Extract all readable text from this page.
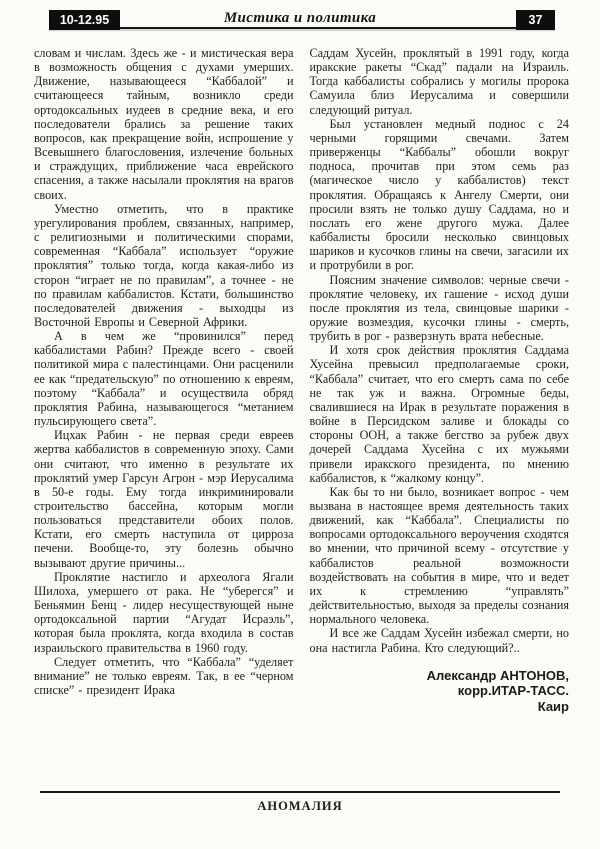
10-12.95	Мистика и политика	37

словам и числам. Здесь же - и мистическая вера в возможность общения с духами умерших. Движение, называющееся “Каббалой” и считающееся тайным, возникло среди ортодоксальных иудеев в средние века, и его последователи брались за решение таких вопросов, как прекращение войн, испрошение у Всевышнего благословения, излечение больных и страждущих, приближение часа еврейского спасения, а также насылали проклятия на врагов своих.

Уместно отметить, что в практике урегулирования проблем, связанных, например, с религиозными и политическими спорами, современная “Каббала” использует “оружие проклятия” только тогда, когда какая-либо из сторон “играет не по правилам”, а точнее - не по правилам каббалистов. Кстати, большинство последователей движения - выходцы из Восточной Европы и Северной Африки.

А в чем же “провинился” перед каббалистами Рабин? Прежде всего - своей политикой мира с палестинцами. Они расценили ее как “предательскую” по отношению к евреям, поэтому “Каббала” и осуществила обряд проклятия Рабина, называющегося “метанием пульсирующего света”.

Ицхак Рабин - не первая среди евреев жертва каббалистов в современную эпоху. Сами они считают, что именно в результате их проклятий умер Гарсун Агрон - мэр Иерусалима в 50-е годы. Ему тогда инкриминировали строительство бассейна, которым могли пользоваться представители обоих полов. Кстати, его смерть наступила от цирроза печени. Вообще-то, эту болезнь обычно вызывают другие причины...

Проклятие настигло и археолога Ягали Шилоха, умершего от рака. Не “уберегся” и Беньямин Бенц - лидер несуществующей ныне ортодоксальной партии “Агудат Исраэль”, которая была проклята, когда входила в состав израильского правительства в 1960 году.

Следует отметить, что “Каббала” “уделяет внимание” не только евреям. Так, в ее “черном списке” - президент Ирака

Саддам Хусейн, проклятый в 1991 году, когда иракские ракеты “Скад” падали на Израиль. Тогда каббалисты собрались у могилы пророка Самуила близ Иерусалима и совершили следующий ритуал.

Был установлен медный поднос с 24 черными горящими свечами. Затем приверженцы “Каббалы” обошли вокруг подноса, прочитав при этом семь раз (магическое число у каббалистов) текст проклятия. Обращаясь к Ангелу Смерти, они просили взять не только душу Саддама, но и послать его жене другого мужа. Далее каббалисты бросили несколько свинцовых шариков и кусочков глины на свечи, загасили их и протрубили в рог.

Поясним значение символов: черные свечи - проклятие человеку, их гашение - исход души после проклятия из тела, свинцовые шарики - оружие возмездия, кусочки глины - смерть, трубить в рог - разверзнуть врата небесные.

И хотя срок действия проклятия Саддама Хусейна превысил предполагаемые сроки, “Каббала” считает, что его смерть сама по себе не так уж и важна. Огромные беды, свалившиеся на Ирак в результате поражения в войне в Персидском заливе и блокады со стороны ООН, а также бегство за рубеж двух дочерей Саддама Хусейна с их мужьями привели иракского президента, по мнению каббалистов, к “жалкому концу”.

Как бы то ни было, возникает вопрос - чем вызвана в настоящее время деятельность таких движений, как “Каббала”. Специалисты по вопросами ортодоксального вероучения сходятся во мнении, что причиной всему - отсутствие у каббалистов реальной возможности воздействовать на события в мире, что и ведет их к стремлению “управлять” действительностью, выходя за пределы сознания нормального человека.

И все же Саддам Хусейн избежал смерти, но она настигла Рабина. Кто следующий?..

Александр АНТОНОВ,
корр.ИТАР-ТАСС.
Каир
АНОМАЛИЯ
